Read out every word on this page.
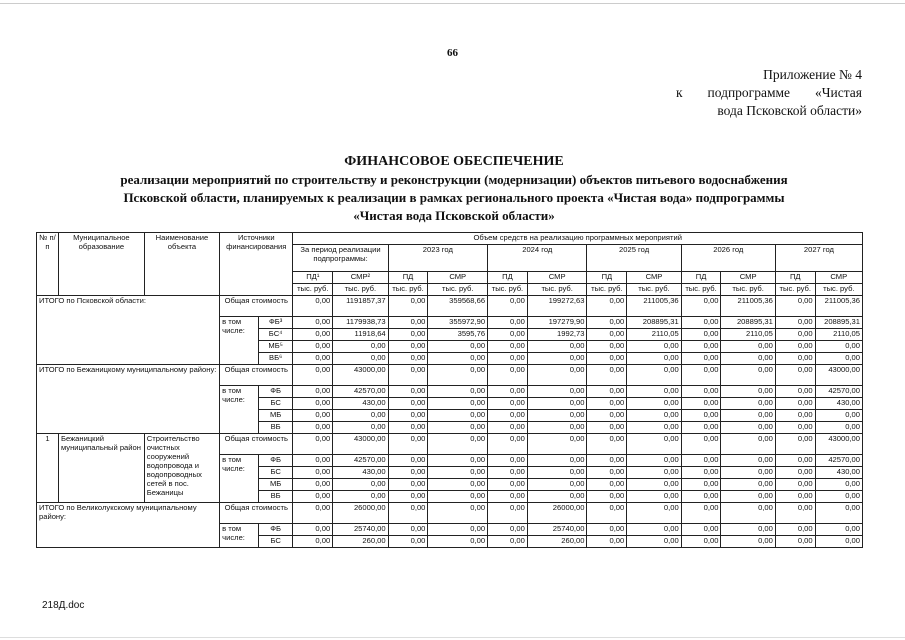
66
Приложение № 4
к подпрограмме «Чистая
вода Псковской области»
ФИНАНСОВОЕ ОБЕСПЕЧЕНИЕ
реализации мероприятий по строительству и реконструкции (модернизации) объектов питьевого водоснабжения
Псковской области, планируемых к реализации в рамках регионального проекта «Чистая вода» подпрограммы
«Чистая вода Псковской области»
№ п/п	Муниципальное образование	Наименование объекта	Источники финансирования		Объем средств на реализацию программных мероприятий											
					За период реализации подпрограммы:		2023 год		2024 год		2025 год		2026 год		2027 год	
					ПД¹	СМР²	ПД	СМР	ПД	СМР	ПД	СМР	ПД	СМР	ПД	СМР
					тыс. руб.	тыс. руб.	тыс. руб.	тыс. руб.	тыс. руб.	тыс. руб.	тыс. руб.	тыс. руб.	тыс. руб.	тыс. руб.	тыс. руб.	тыс. руб.
ИТОГО по Псковской области:			Общая стоимость		0,00	1191857,37	0,00	359568,66	0,00	199272,63	0,00	211005,36	0,00	211005,36	0,00	211005,36
			в том числе:	ФБ³	0,00	1179938,73	0,00	355972,90	0,00	197279,90	0,00	208895,31	0,00	208895,31	0,00	208895,31
				БС⁴	0,00	11918,64	0,00	3595,76	0,00	1992,73	0,00	2110,05	0,00	2110,05	0,00	2110,05
				МБ⁵	0,00	0,00	0,00	0,00	0,00	0,00	0,00	0,00	0,00	0,00	0,00	0,00
				ВБ⁶	0,00	0,00	0,00	0,00	0,00	0,00	0,00	0,00	0,00	0,00	0,00	0,00
ИТОГО по Бежаницкому муниципальному району:			Общая стоимость		0,00	43000,00	0,00	0,00	0,00	0,00	0,00	0,00	0,00	0,00	0,00	43000,00
			в том числе:	ФБ	0,00	42570,00	0,00	0,00	0,00	0,00	0,00	0,00	0,00	0,00	0,00	42570,00
				БС	0,00	430,00	0,00	0,00	0,00	0,00	0,00	0,00	0,00	0,00	0,00	430,00
				МБ	0,00	0,00	0,00	0,00	0,00	0,00	0,00	0,00	0,00	0,00	0,00	0,00
				ВБ	0,00	0,00	0,00	0,00	0,00	0,00	0,00	0,00	0,00	0,00	0,00	0,00
1	Бежаницкий муниципальный район	Строительство очистных сооружений водопровода и водопроводных сетей в пос. Бежаницы	Общая стоимость		0,00	43000,00	0,00	0,00	0,00	0,00	0,00	0,00	0,00	0,00	0,00	43000,00
			в том числе:	ФБ	0,00	42570,00	0,00	0,00	0,00	0,00	0,00	0,00	0,00	0,00	0,00	42570,00
				БС	0,00	430,00	0,00	0,00	0,00	0,00	0,00	0,00	0,00	0,00	0,00	430,00
				МБ	0,00	0,00	0,00	0,00	0,00	0,00	0,00	0,00	0,00	0,00	0,00	0,00
				ВБ	0,00	0,00	0,00	0,00	0,00	0,00	0,00	0,00	0,00	0,00	0,00	0,00
ИТОГО по Великолукскому муниципальному району:			Общая стоимость		0,00	26000,00	0,00	0,00	0,00	26000,00	0,00	0,00	0,00	0,00	0,00	0,00
			в том числе:	ФБ	0,00	25740,00	0,00	0,00	0,00	25740,00	0,00	0,00	0,00	0,00	0,00	0,00
				БС	0,00	260,00	0,00	0,00	0,00	260,00	0,00	0,00	0,00	0,00	0,00	0,00
218Д.doc
